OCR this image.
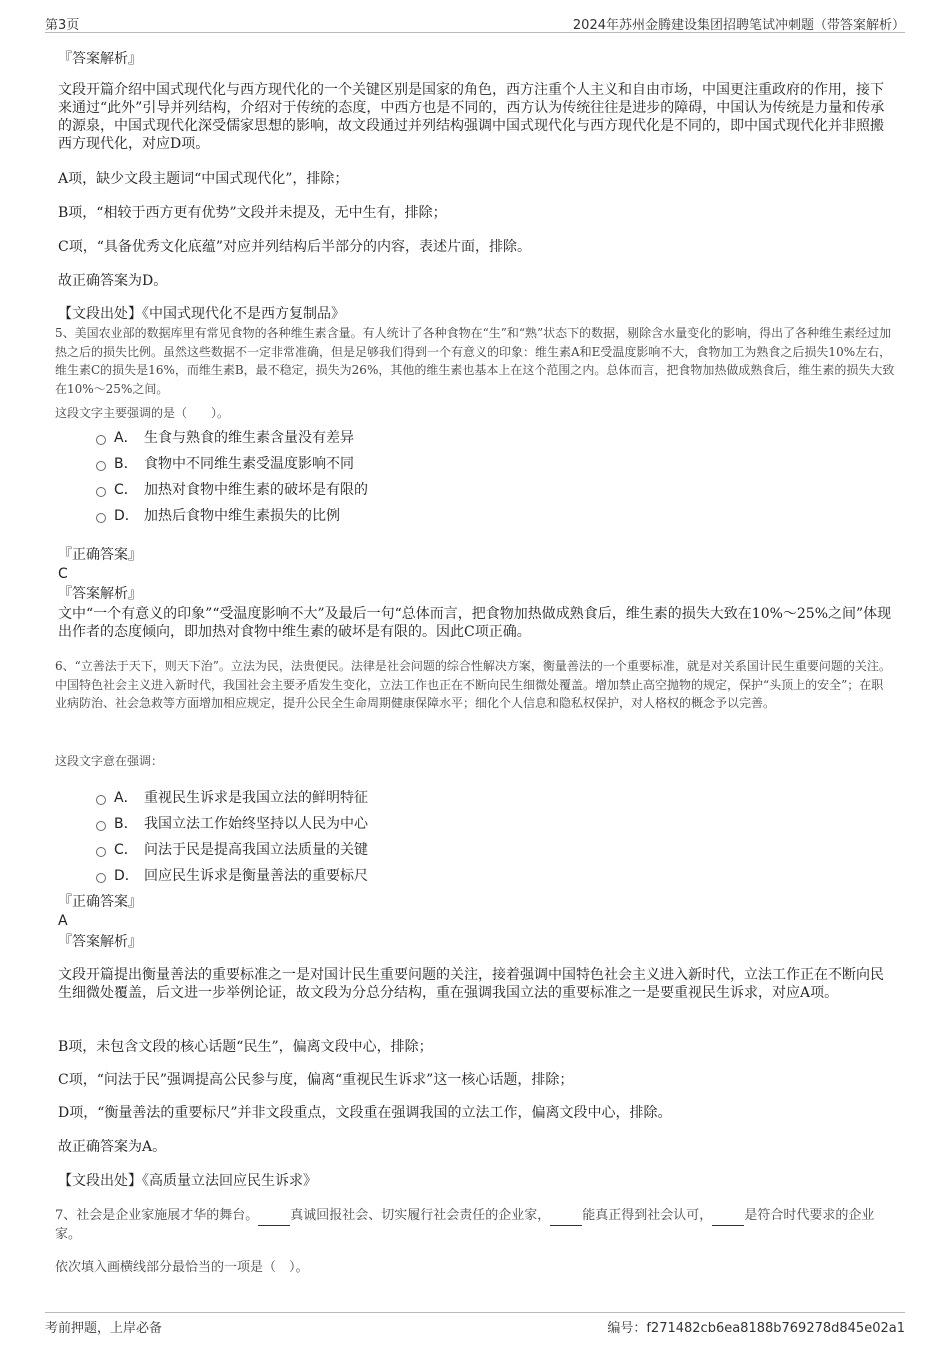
第3页	2024年苏州金腾建设集团招聘笔试冲刺题（带答案解析）
『答案解析』
文段开篇介绍中国式现代化与西方现代化的一个关键区别是国家的角色，西方注重个人主义和自由市场，中国更注重政府的作用，接下来通过“此外”引导并列结构，介绍对于传统的态度，中西方也是不同的，西方认为传统往往是进步的障碍，中国认为传统是力量和传承的源泉，中国式现代化深受儒家思想的影响，故文段通过并列结构强调中国式现代化与西方现代化是不同的，即中国式现代化并非照搬西方现代化，对应D项。
A项，缺少文段主题词“中国式现代化”，排除；
B项，“相较于西方更有优势”文段并未提及，无中生有，排除；
C项，“具备优秀文化底蕴”对应并列结构后半部分的内容，表述片面，排除。
故正确答案为D。
【文段出处】《中国式现代化不是西方复制品》
5、美国农业部的数据库里有常见食物的各种维生素含量。有人统计了各种食物在“生”和“熟”状态下的数据，剔除含水量变化的影响，得出了各种维生素经过加热之后的损失比例。虽然这些数据不一定非常准确，但是足够我们得到一个有意义的印象：维生素A和E受温度影响不大，食物加工为熟食之后损失10%左右，维生素C的损失是16%，而维生素B，最不稳定，损失为26%，其他的维生素也基本上在这个范围之内。总体而言，把食物加热做成熟食后，维生素的损失大致在10%～25%之间。
这段文字主要强调的是（　　）。
A． 生食与熟食的维生素含量没有差异
B． 食物中不同维生素受温度影响不同
C． 加热对食物中维生素的破坏是有限的
D． 加热后食物中维生素损失的比例
『正确答案』
C
『答案解析』
文中“一个有意义的印象”“受温度影响不大”及最后一句“总体而言，把食物加热做成熟食后，维生素的损失大致在10%～25%之间”体现出作者的态度倾向，即加热对食物中维生素的破坏是有限的。因此C项正确。
6、“立善法于天下，则天下治”。立法为民，法贵便民。法律是社会问题的综合性解决方案，衡量善法的一个重要标准，就是对关系国计民生重要问题的关注。中国特色社会主义进入新时代，我国社会主要矛盾发生变化，立法工作也正在不断向民生细微处覆盖。增加禁止高空抛物的规定，保护“头顶上的安全”；在职业病防治、社会急救等方面增加相应规定，提升公民全生命周期健康保障水平；细化个人信息和隐私权保护，对人格权的概念予以完善。
这段文字意在强调：
A． 重视民生诉求是我国立法的鲜明特征
B． 我国立法工作始终坚持以人民为中心
C． 问法于民是提高我国立法质量的关键
D． 回应民生诉求是衡量善法的重要标尺
『正确答案』
A
『答案解析』
文段开篇提出衡量善法的重要标准之一是对国计民生重要问题的关注，接着强调中国特色社会主义进入新时代，立法工作正在不断向民生细微处覆盖，后文进一步举例论证，故文段为分总分结构，重在强调我国立法的重要标准之一是要重视民生诉求，对应A项。
B项，未包含文段的核心话题“民生”，偏离文段中心，排除；
C项，“问法于民”强调提高公民参与度，偏离“重视民生诉求”这一核心话题，排除；
D项，“衡量善法的重要标尺”并非文段重点，文段重在强调我国的立法工作，偏离文段中心，排除。
故正确答案为A。
【文段出处】《高质量立法回应民生诉求》
7、社会是企业家施展才华的舞台。 真诚回报社会、切实履行社会责任的企业家， 能真正得到社会认可， 是符合时代要求的企业家。
依次填入画横线部分最恰当的一项是（　）。
考前押题，上岸必备	编号：f271482cb6ea8188b769278d845e02a1
